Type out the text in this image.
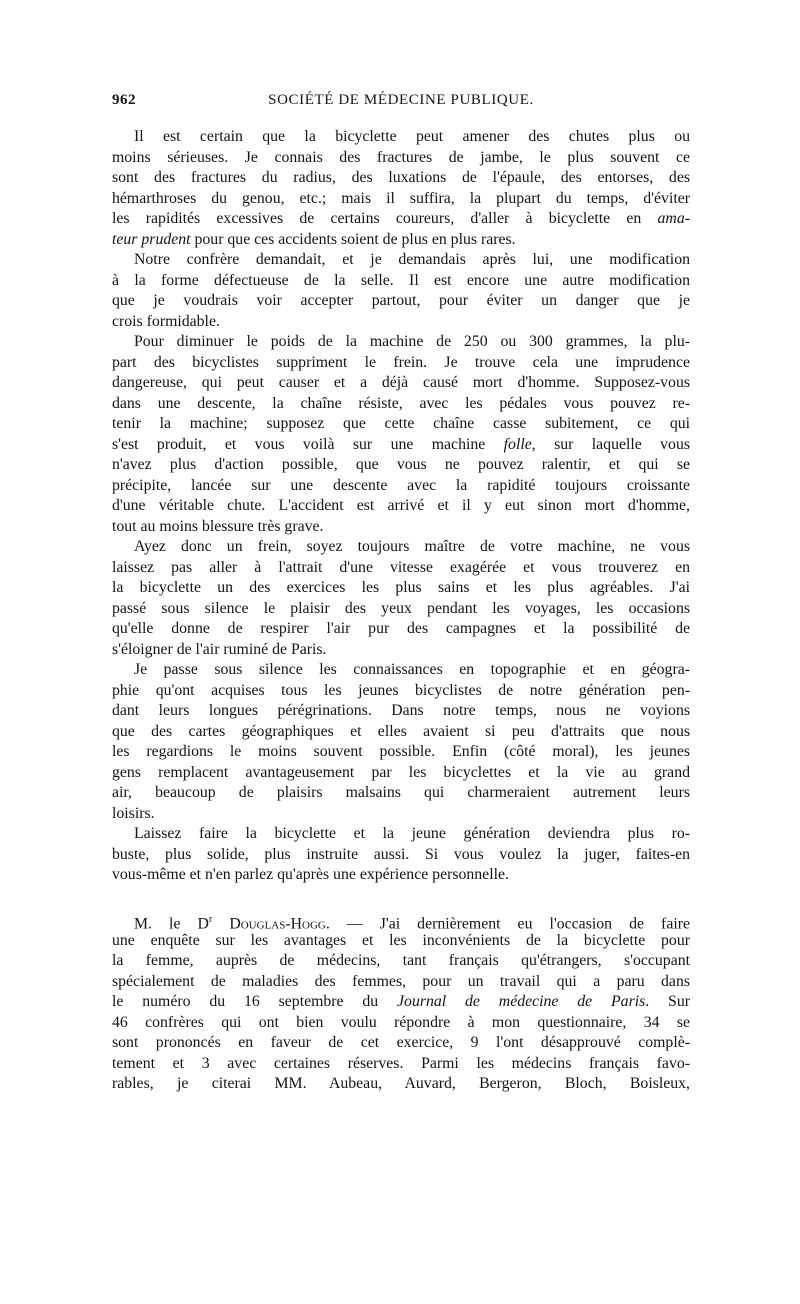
962	SOCIÉTÉ DE MÉDECINE PUBLIQUE.
Il est certain que la bicyclette peut amener des chutes plus ou
moins sérieuses. Je connais des fractures de jambe, le plus souvent ce
sont des fractures du radius, des luxations de l'épaule, des entorses, des
hémarthroses du genou, etc.; mais il suffira, la plupart du temps, d'éviter
les rapidités excessives de certains coureurs, d'aller à bicyclette en ama-
teur prudent pour que ces accidents soient de plus en plus rares.
Notre confrère demandait, et je demandais après lui, une modification
à la forme défectueuse de la selle. Il est encore une autre modification
que je voudrais voir accepter partout, pour éviter un danger que je
crois formidable.
Pour diminuer le poids de la machine de 250 ou 300 grammes, la plu-
part des bicyclistes suppriment le frein. Je trouve cela une imprudence
dangereuse, qui peut causer et a déjà causé mort d'homme. Supposez-vous
dans une descente, la chaîne résiste, avec les pédales vous pouvez re-
tenir la machine; supposez que cette chaîne casse subitement, ce qui
s'est produit, et vous voilà sur une machine folle, sur laquelle vous
n'avez plus d'action possible, que vous ne pouvez ralentir, et qui se
précipite, lancée sur une descente avec la rapidité toujours croissante
d'une véritable chute. L'accident est arrivé et il y eut sinon mort d'homme,
tout au moins blessure très grave.
Ayez donc un frein, soyez toujours maître de votre machine, ne vous
laissez pas aller à l'attrait d'une vitesse exagérée et vous trouverez en
la bicyclette un des exercices les plus sains et les plus agréables. J'ai
passé sous silence le plaisir des yeux pendant les voyages, les occasions
qu'elle donne de respirer l'air pur des campagnes et la possibilité de
s'éloigner de l'air ruminé de Paris.
Je passe sous silence les connaissances en topographie et en géogra-
phie qu'ont acquises tous les jeunes bicyclistes de notre génération pen-
dant leurs longues pérégrinations. Dans notre temps, nous ne voyions
que des cartes géographiques et elles avaient si peu d'attraits que nous
les regardions le moins souvent possible. Enfin (côté moral), les jeunes
gens remplacent avantageusement par les bicyclettes et la vie au grand
air, beaucoup de plaisirs malsains qui charmeraient autrement leurs
loisirs.
Laissez faire la bicyclette et la jeune génération deviendra plus ro-
buste, plus solide, plus instruite aussi. Si vous voulez la juger, faites-en
vous-même et n'en parlez qu'après une expérience personnelle.
M. le $D^r$ Douglas-Hogg. — J'ai dernièrement eu l'occasion de faire
une enquête sur les avantages et les inconvénients de la bicyclette pour
la femme, auprès de médecins, tant français qu'étrangers, s'occupant
spécialement de maladies des femmes, pour un travail qui a paru dans
le numéro du 16 septembre du Journal de médecine de Paris. Sur
46 confrères qui ont bien voulu répondre à mon questionnaire, 34 se
sont prononcés en faveur de cet exercice, 9 l'ont désapprouvé complè-
tement et 3 avec certaines réserves. Parmi les médecins français favo-
rables, je citerai MM. Aubeau, Auvard, Bergeron, Bloch, Boisleux,
